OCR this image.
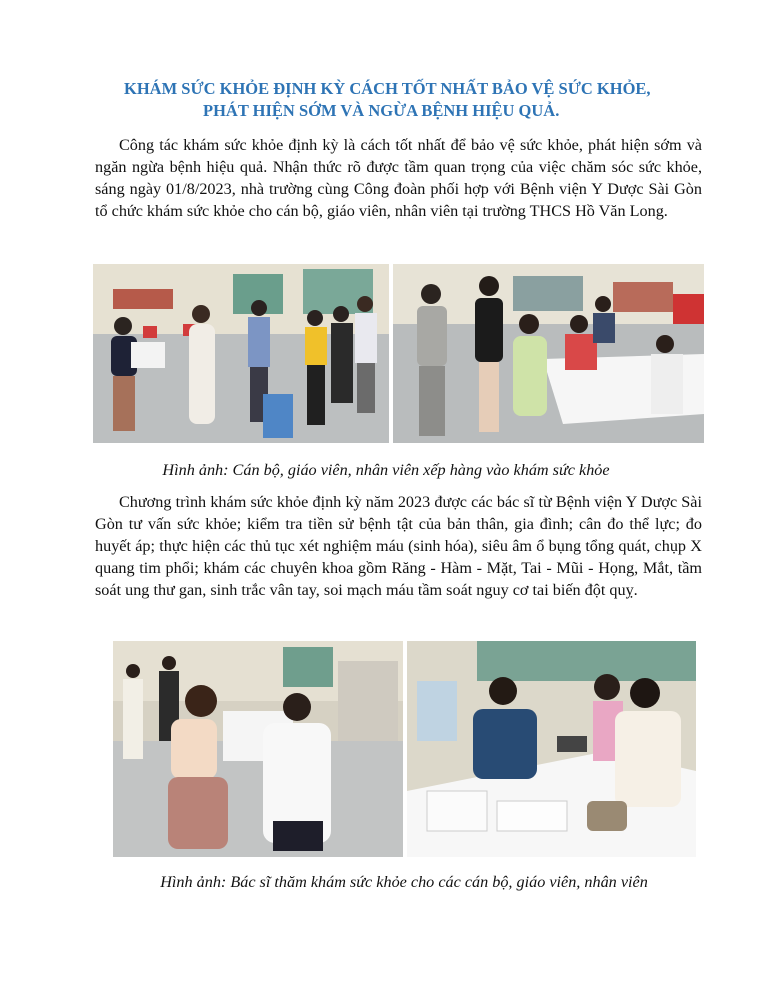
KHÁM SỨC KHỎE ĐỊNH KỲ CÁCH TỐT NHẤT BẢO VỆ SỨC KHỎE,
PHÁT HIỆN SỚM VÀ NGỪA BỆNH HIỆU QUẢ.

Công tác khám sức khỏe định kỳ là cách tốt nhất để bảo vệ sức khỏe, phát hiện sớm và ngăn ngừa bệnh hiệu quả. Nhận thức rõ được tầm quan trọng của việc chăm sóc sức khỏe, sáng ngày 01/8/2023, nhà trường cùng Công đoàn phối hợp với Bệnh viện Y Dược Sài Gòn tổ chức khám sức khỏe cho cán bộ, giáo viên, nhân viên tại trường THCS Hồ Văn Long.

Hình ảnh: Cán bộ, giáo viên, nhân viên xếp hàng vào khám sức khỏe

Chương trình khám sức khỏe định kỳ năm 2023 được các bác sĩ từ Bệnh viện Y Dược Sài Gòn tư vấn sức khỏe; kiểm tra tiền sử bệnh tật của bản thân, gia đình; cân đo thể lực; đo huyết áp; thực hiện các thủ tục xét nghiệm máu (sinh hóa), siêu âm ổ bụng tổng quát, chụp X quang tim phổi; khám các chuyên khoa gồm Răng - Hàm - Mặt, Tai - Mũi - Họng, Mắt, tầm soát ung thư gan, sinh trắc vân tay, soi mạch máu tầm soát nguy cơ tai biến đột quỵ.

Hình ảnh: Bác sĩ thăm khám sức khỏe cho các cán bộ, giáo viên, nhân viên
